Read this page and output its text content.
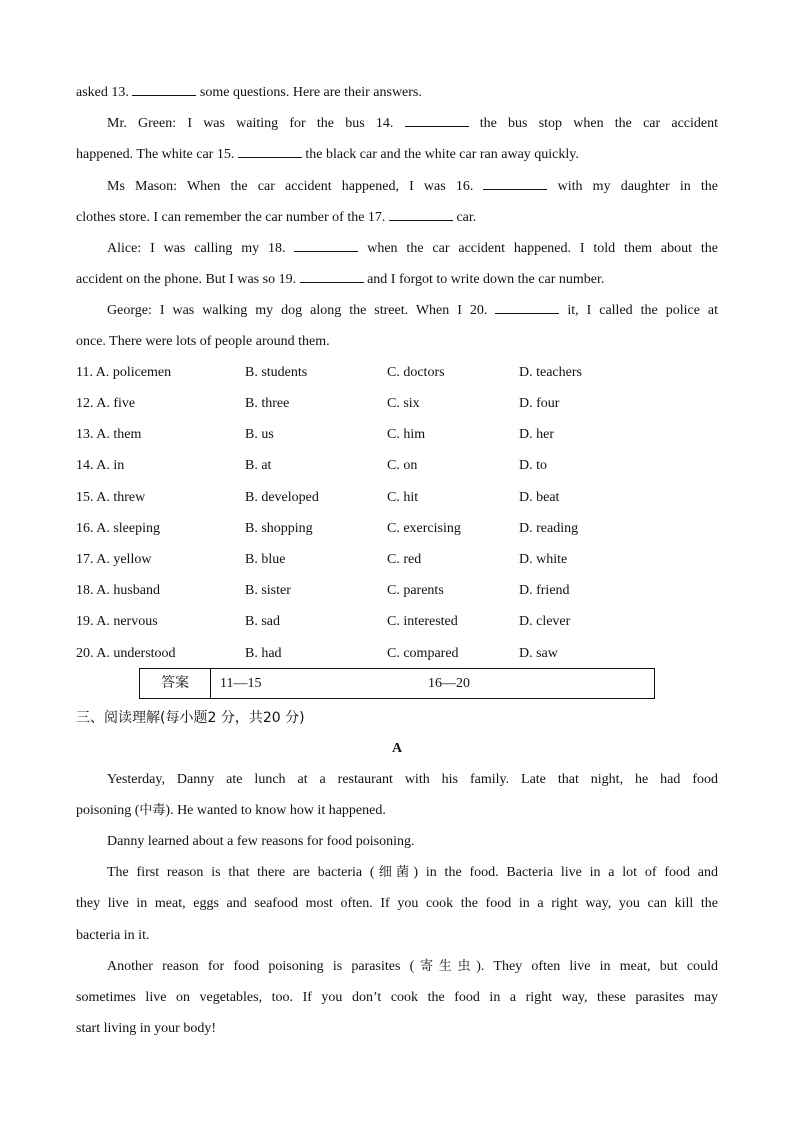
asked 13.	some questions. Here are their answers.
Mr. Green: I was waiting for the bus 14.	the bus stop when the car accident
happened. The white car 15.	the black car and the white car ran away quickly.
Ms Mason: When the car accident happened, I was 16.	with my daughter in the
clothes store. I can remember the car number of the 17.	car.
Alice: I was calling my 18.	when the car accident happened. I told them about the
accident on the phone. But I was so 19.	and I forgot to write down the car number.
George: I was walking my dog along the street. When I 20.	it, I called the police at
once. There were lots of people around them.
11. A. policemen	B. students	C. doctors	D. teachers
12. A. five	B. three	C. six	D. four
13. A. them	B. us	C. him	D. her
14. A. in	B. at	C. on	D. to
15. A. threw	B. developed	C. hit	D. beat
16. A. sleeping	B. shopping	C. exercising	D. reading
17. A. yellow	B. blue	C. red	D. white
18. A. husband	B. sister	C. parents	D. friend
19. A. nervous	B. sad	C. interested	D. clever
20. A. understood	B. had	C. compared	D. saw
答案	11—15	16—20
三、阅读理解(每小题2 分，共20 分)
A
Yesterday, Danny ate lunch at a restaurant with his family. Late that night, he had food
poisoning (中毒). He wanted to know how it happened.
Danny learned about a few reasons for food poisoning.
The first reason is that there are bacteria (细菌) in the food. Bacteria live in a lot of food and
they live in meat, eggs and seafood most often. If you cook the food in a right way, you can kill the
bacteria in it.
Another reason for food poisoning is parasites (寄生虫). They often live in meat, but could
sometimes live on vegetables, too. If you don’t cook the food in a right way, these parasites may
start living in your body!
